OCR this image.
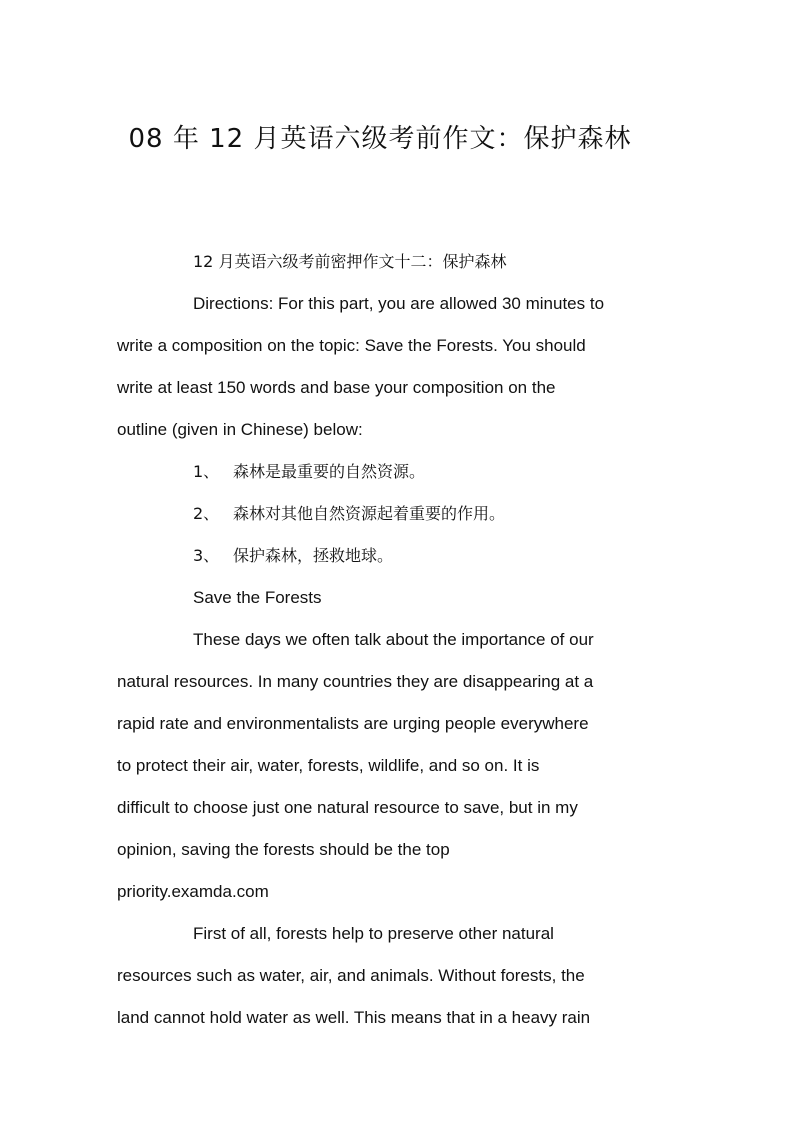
08 年 12 月英语六级考前作文：保护森林
12 月英语六级考前密押作文十二：保护森林
Directions: For this part, you are allowed 30 minutes to
write a composition on the topic: Save the Forests. You should
write at least 150 words and base your composition on the
outline (given in Chinese) below:
1、 森林是最重要的自然资源。
2、 森林对其他自然资源起着重要的作用。
3、 保护森林，拯救地球。
Save the Forests
These days we often talk about the importance of our
natural resources. In many countries they are disappearing at a
rapid rate and environmentalists are urging people everywhere
to protect their air, water, forests, wildlife, and so on. It is
difficult to choose just one natural resource to save, but in my
opinion, saving the forests should be the top
priority.examda.com
First of all, forests help to preserve other natural
resources such as water, air, and animals. Without forests, the
land cannot hold water as well. This means that in a heavy rain
